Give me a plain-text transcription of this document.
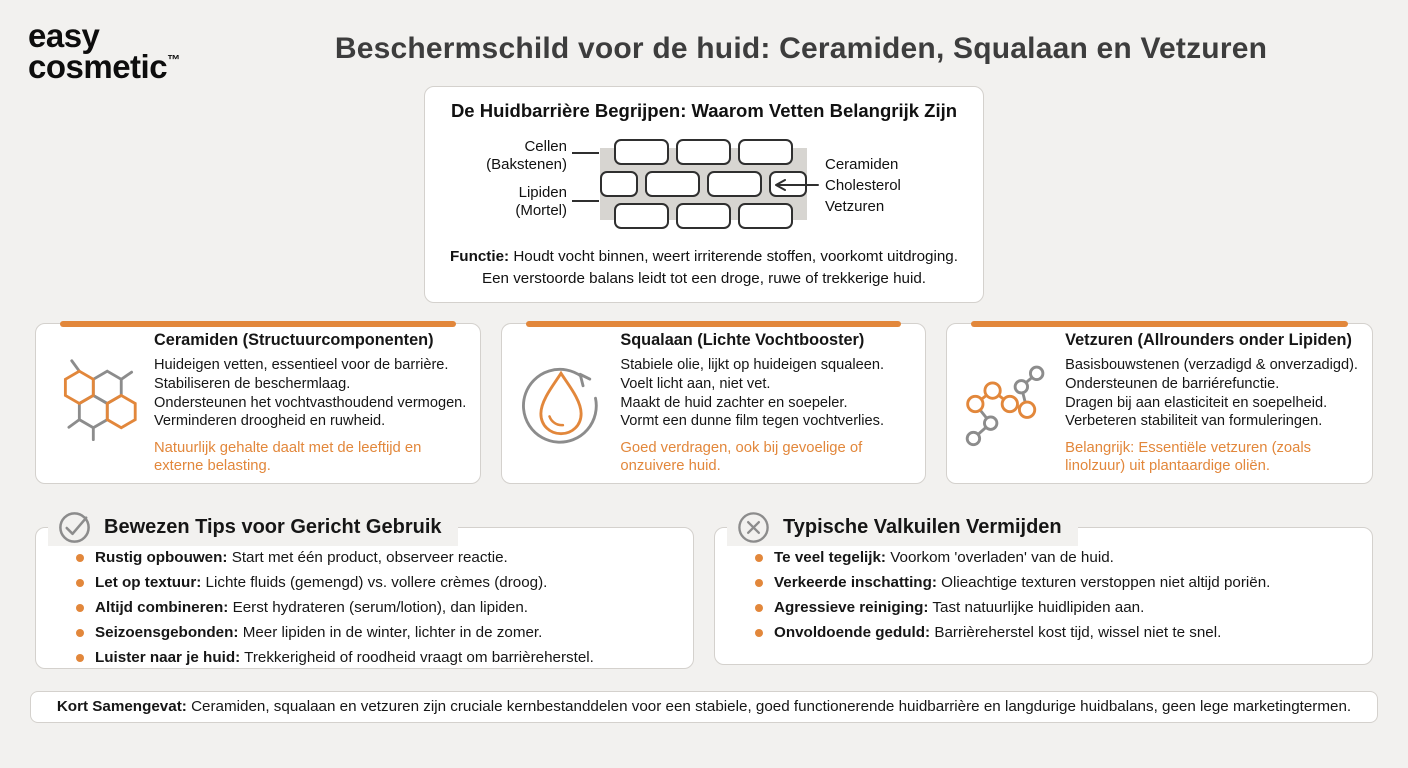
easy
cosmetic™	Beschermschild voor de huid: Ceramiden, Squalaan en Vetzuren
De Huidbarrière Begrijpen: Waarom Vetten Belangrijk Zijn
Cellen
(Bakstenen)
Lipiden
(Mortel)
Ceramiden
Cholesterol
Vetzuren

Functie: Houdt vocht binnen, weert irriterende stoffen, voorkomt uitdroging.
Een verstoorde balans leidt tot een droge, ruwe of trekkerige huid.

Ceramiden (Structuurcomponenten)
Huideigen vetten, essentieel voor de barrière.
Stabiliseren de beschermlaag.
Ondersteunen het vochtvasthoudend vermogen.
Verminderen droogheid en ruwheid.
Natuurlijk gehalte daalt met de leeftijd en externe belasting.
Squalaan (Lichte Vochtbooster)
Stabiele olie, lijkt op huideigen squaleen.
Voelt licht aan, niet vet.
Maakt de huid zachter en soepeler.
Vormt een dunne film tegen vochtverlies.
Goed verdragen, ook bij gevoelige of onzuivere huid.
Vetzuren (Allrounders onder Lipiden)
Basisbouwstenen (verzadigd & onverzadigd).
Ondersteunen de barriérefunctie.
Dragen bij aan elasticiteit en soepelheid.
Verbeteren stabiliteit van formuleringen.
Belangrijk: Essentiële vetzuren (zoals linolzuur) uit plantaardige oliën.
Bewezen Tips voor Gericht Gebruik

Rustig opbouwen: Start met één product, observeer reactie.

Let op textuur: Lichte fluids (gemengd) vs. vollere crèmes (droog).

Altijd combineren: Eerst hydrateren (serum/lotion), dan lipiden.

Seizoensgebonden: Meer lipiden in de winter, lichter in de zomer.

Luister naar je huid: Trekkerigheid of roodheid vraagt om barrièreherstel.

Typische Valkuilen Vermijden

Te veel tegelijk: Voorkom 'overladen' van de huid.

Verkeerde inschatting: Olieachtige texturen verstoppen niet altijd poriën.

Agressieve reiniging: Tast natuurlijke huidlipiden aan.

Onvoldoende geduld: Barrièreherstel kost tijd, wissel niet te snel.

Kort Samengevat: Ceramiden, squalaan en vetzuren zijn cruciale kernbestanddelen voor een stabiele, goed functionerende huidbarrière en langdurige huidbalans, geen lege marketingtermen.
